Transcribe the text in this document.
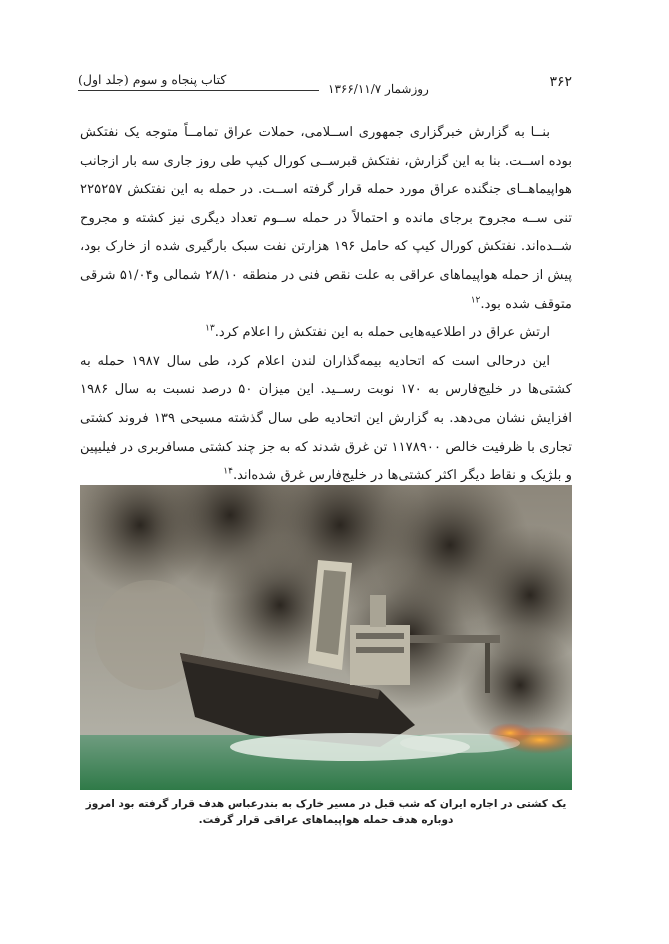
کتاب پنجاه و سوم (جلد اول)
روزشمار ۱۳۶۶/۱۱/۷	۳۶۲

بنــا به گزارش خبرگزاری جمهوری اســلامی، حملات عراق تمامــاً متوجه یک نفتکش بوده اســت. بنا به این گزارش، نفتکش قبرســی کورال کیپ طی روز جاری سه بار ازجانب هواپیماهــای جنگنده عراق مورد حمله قرار گرفته اســت. در حمله به این نفتکش ۲۲۵۲۵۷ تنی ســه مجروح برجای مانده و احتمالاً در حمله ســوم تعداد دیگری نیز کشته و مجروح شــده‌اند. نفتکش کورال کیپ که حامل ۱۹۶ هزارتن نفت سبک بارگیری شده از خارک بود، پیش از حمله هواپیماهای عراقی به علت نقص فنی در منطقه ۲۸/۱۰ شمالی و۵۱/۰۴ شرقی متوقف شده بود.$^{۱۲}$

ارتش عراق در اطلاعیه‌هایی حمله به این نفتکش را اعلام کرد.$^{۱۳}$

این درحالی است که اتحادیه بیمه‌گذاران لندن اعلام کرد، طی سال ۱۹۸۷ حمله به کشتی‌ها در خلیج‌فارس به ۱۷۰ نوبت رســید. این میزان ۵۰ درصد نسبت به سال ۱۹۸۶ افزایش نشان می‌دهد. به گزارش این اتحادیه طی سال گذشته مسیحی ۱۳۹ فروند کشتی تجاری با ظرفیت خالص ۱۱۷۸۹۰۰ تن غرق شدند که به جز چند کشتی مسافربری در فیلیپین و بلژیک و نقاط دیگر اکثر کشتی‌ها در خلیج‌فارس غرق شده‌اند.$^{۱۴}$

یک کشتی در اجاره ایران که شب قبل در مسیر خارک به بندرعباس هدف قرار گرفته بود امروز دوباره هدف حمله هواپیماهای عراقی قرار گرفت.
